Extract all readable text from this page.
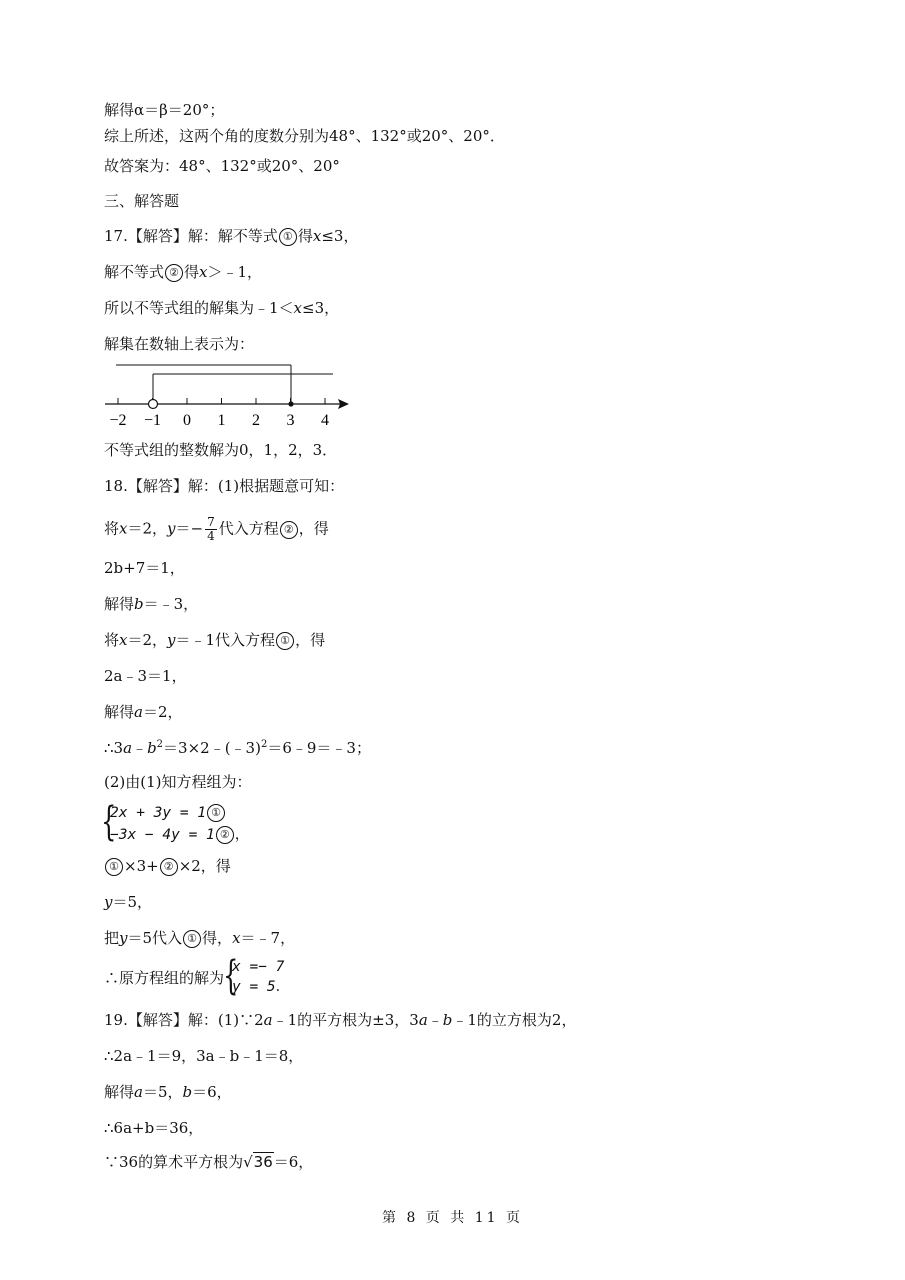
解得α＝β＝20°；
综上所述，这两个角的度数分别为48°、132°或20°、20°．
故答案为：48°、132°或20°、20°
三、解答题
17.【解答】解：解不等式 ① 得x≤3，
解不等式 ② 得x＞﹣1，
所以不等式组的解集为﹣1＜x≤3，
解集在数轴上表示为：
−2 −1 0 1 2 3 4
不等式组的整数解为0，1，2，3．
18.【解答】解：(1)根据题意可知：
将x＝2，$y=- \frac{7}{4}$ 代入方程 ② ，得
2b+7＝1，
解得b＝﹣3，
将x＝2，y＝﹣1代入方程 ① ，得
2a﹣3＝1，
解得a＝2，
$\therefore 3a﹣b^2=3\times 2﹣(﹣3)^2=6﹣9=﹣3$；
(2)由(1)知方程组为：
{
2x + 3y = 1 ①
−3x − 4y = 1 ② ，
① ×3+ ② ×2，得
y＝5，
把y＝5代入 ① 得，x＝﹣7，
∴原方程组的解为 {
x =− 7
y = 5．
19.【解答】解：(1)∵2a﹣1的平方根为±3，3a﹣b﹣1的立方根为2，
∴2a﹣1＝9，3a﹣b﹣1＝8，
解得a＝5，b＝6，
∴6a+b＝36，
∵36的算术平方根为√36＝6，
第 8 页 共 11 页
